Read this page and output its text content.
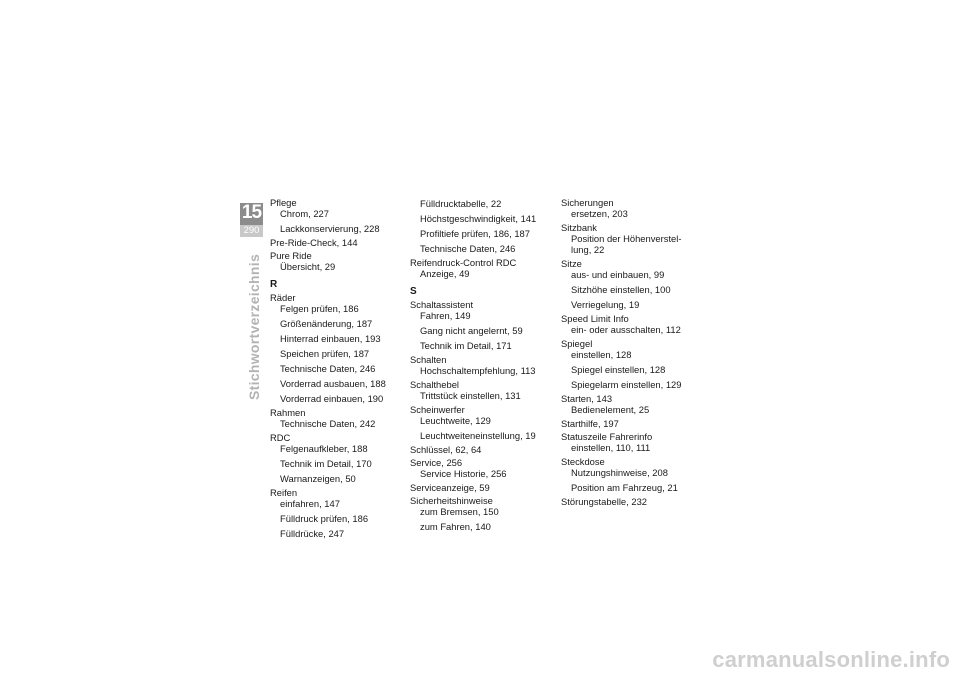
15
290
Stichwortverzeichnis
Pflege
Chrom, 227
Lackkonservierung, 228
Pre-Ride-Check, 144
Pure Ride
Übersicht, 29
R
Räder
Felgen prüfen, 186
Größenänderung, 187
Hinterrad einbauen, 193
Speichen prüfen, 187
Technische Daten, 246
Vorderrad ausbauen, 188
Vorderrad einbauen, 190
Rahmen
Technische Daten, 242
RDC
Felgenaufkleber, 188
Technik im Detail, 170
Warnanzeigen, 50
Reifen
einfahren, 147
Fülldruck prüfen, 186
Fülldrücke, 247
Fülldrucktabelle, 22
Höchstgeschwindigkeit, 141
Profiltiefe prüfen, 186, 187
Technische Daten, 246
Reifendruck-Control RDC
Anzeige, 49
S
Schaltassistent
Fahren, 149
Gang nicht angelernt, 59
Technik im Detail, 171
Schalten
Hochschaltempfehlung, 113
Schalthebel
Trittstück einstellen, 131
Scheinwerfer
Leuchtweite, 129
Leuchtweiteneinstellung, 19
Schlüssel, 62, 64
Service, 256
Service Historie, 256
Serviceanzeige, 59
Sicherheitshinweise
zum Bremsen, 150
zum Fahren, 140
Sicherungen
ersetzen, 203
Sitzbank
Position der Höhenverstel-
lung, 22
Sitze
aus- und einbauen, 99
Sitzhöhe einstellen, 100
Verriegelung, 19
Speed Limit Info
ein- oder ausschalten, 112
Spiegel
einstellen, 128
Spiegel einstellen, 128
Spiegelarm einstellen, 129
Starten, 143
Bedienelement, 25
Starthilfe, 197
Statuszeile Fahrerinfo
einstellen, 110, 111
Steckdose
Nutzungshinweise, 208
Position am Fahrzeug, 21
Störungstabelle, 232
carmanualsonline.info
